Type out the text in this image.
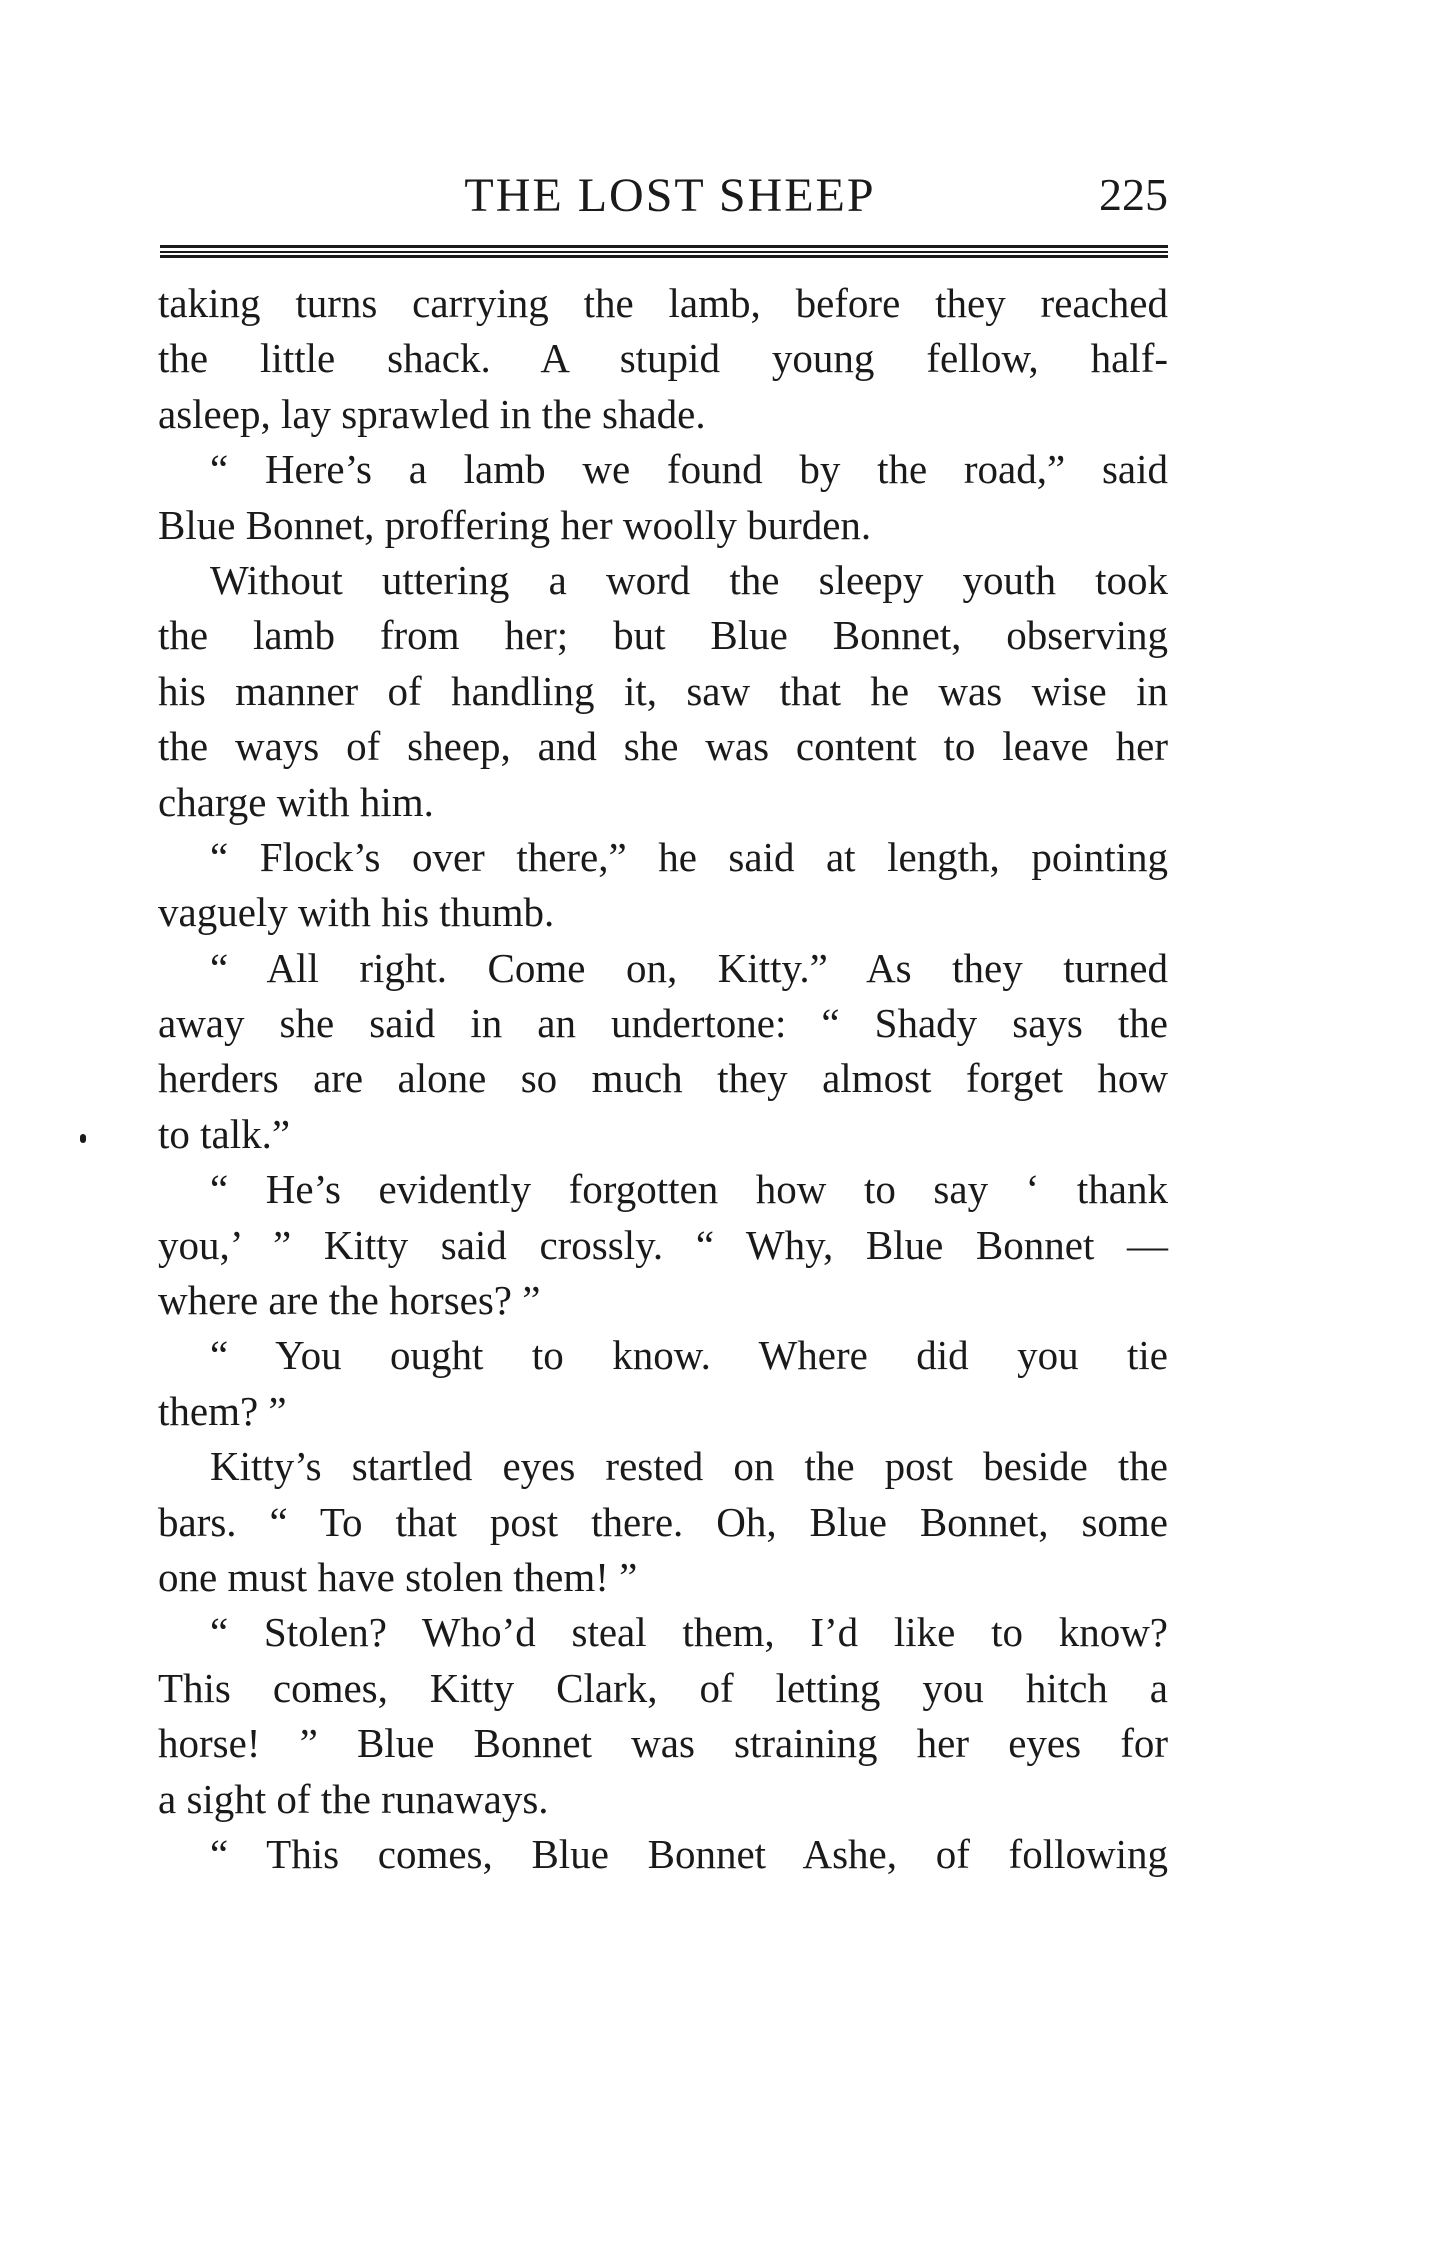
THE LOST SHEEP	225
taking turns carrying the lamb, before they reached
the little shack. A stupid young fellow, half-
asleep, lay sprawled in the shade.
“ Here’s a lamb we found by the road,” said
Blue Bonnet, proffering her woolly burden.
Without uttering a word the sleepy youth took
the lamb from her; but Blue Bonnet, observing
his manner of handling it, saw that he was wise in
the ways of sheep, and she was content to leave her
charge with him.
“ Flock’s over there,” he said at length, pointing
vaguely with his thumb.
“ All right. Come on, Kitty.” As they turned
away she said in an undertone: “ Shady says the
herders are alone so much they almost forget how
to talk.”
“ He’s evidently forgotten how to say ‘ thank
you,’ ” Kitty said crossly. “ Why, Blue Bonnet —
where are the horses? ”
“ You ought to know. Where did you tie
them? ”
Kitty’s startled eyes rested on the post beside the
bars. “ To that post there. Oh, Blue Bonnet, some
one must have stolen them! ”
“ Stolen? Who’d steal them, I’d like to know?
This comes, Kitty Clark, of letting you hitch a
horse! ” Blue Bonnet was straining her eyes for
a sight of the runaways.
“ This comes, Blue Bonnet Ashe, of following
